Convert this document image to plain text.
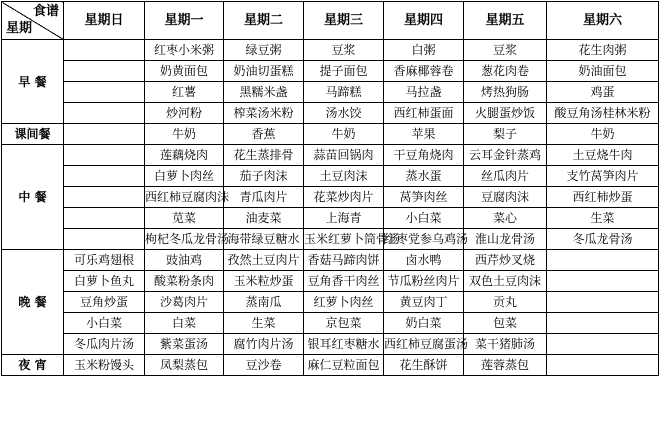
食谱
星期	星期日	星期一	星期二	星期三	星期四	星期五	星期六
早 餐		红枣小米粥	绿豆粥	豆浆	白粥	豆浆	花生肉粥
		奶黄面包	奶油切蛋糕	提子面包	香麻椰蓉卷	葱花肉卷	奶油面包
		红薯	黑糯米盏	马蹄糕	马拉盏	烤热狗肠	鸡蛋
		炒河粉	榨菜汤米粉	汤水饺	西红柿蛋面	火腿蛋炒饭	酸豆角汤桂林米粉
课间餐		牛奶	香蕉	牛奶	苹果	梨子	牛奶
中 餐		莲藕烧肉	花生蒸排骨	蒜苗回锅肉	干豆角烧肉	云耳金针蒸鸡	土豆烧牛肉
		白萝卜肉丝	茄子肉沫	土豆肉沫	蒸水蛋	丝瓜肉片	支竹莴笋肉片
		西红柿豆腐肉沫	青瓜肉片	花菜炒肉片	莴笋肉丝	豆腐肉沫	西红柿炒蛋
		苋菜	油麦菜	上海青	小白菜	菜心	生菜
		枸杞冬瓜龙骨汤	海带绿豆糖水	玉米红萝卜筒骨汤	红枣党参乌鸡汤	淮山龙骨汤	冬瓜龙骨汤
晚 餐	可乐鸡翅根	豉油鸡	孜然土豆肉片	香菇马蹄肉饼	卤水鸭	西芹炒叉烧	
	白萝卜鱼丸	酸菜粉条肉	玉米粒炒蛋	豆角香干肉丝	节瓜粉丝肉片	双色土豆肉沫	
	豆角炒蛋	沙葛肉片	蒸南瓜	红萝卜肉丝	黄豆肉丁	贡丸	
	小白菜	白菜	生菜	京包菜	奶白菜	包菜	
	冬瓜肉片汤	紫菜蛋汤	腐竹肉片汤	银耳红枣糖水	西红柿豆腐蛋汤	菜干猪肺汤	
夜 宵	玉米粉馒头	凤梨蒸包	豆沙卷	麻仁豆粒面包	花生酥饼	莲蓉蒸包	
